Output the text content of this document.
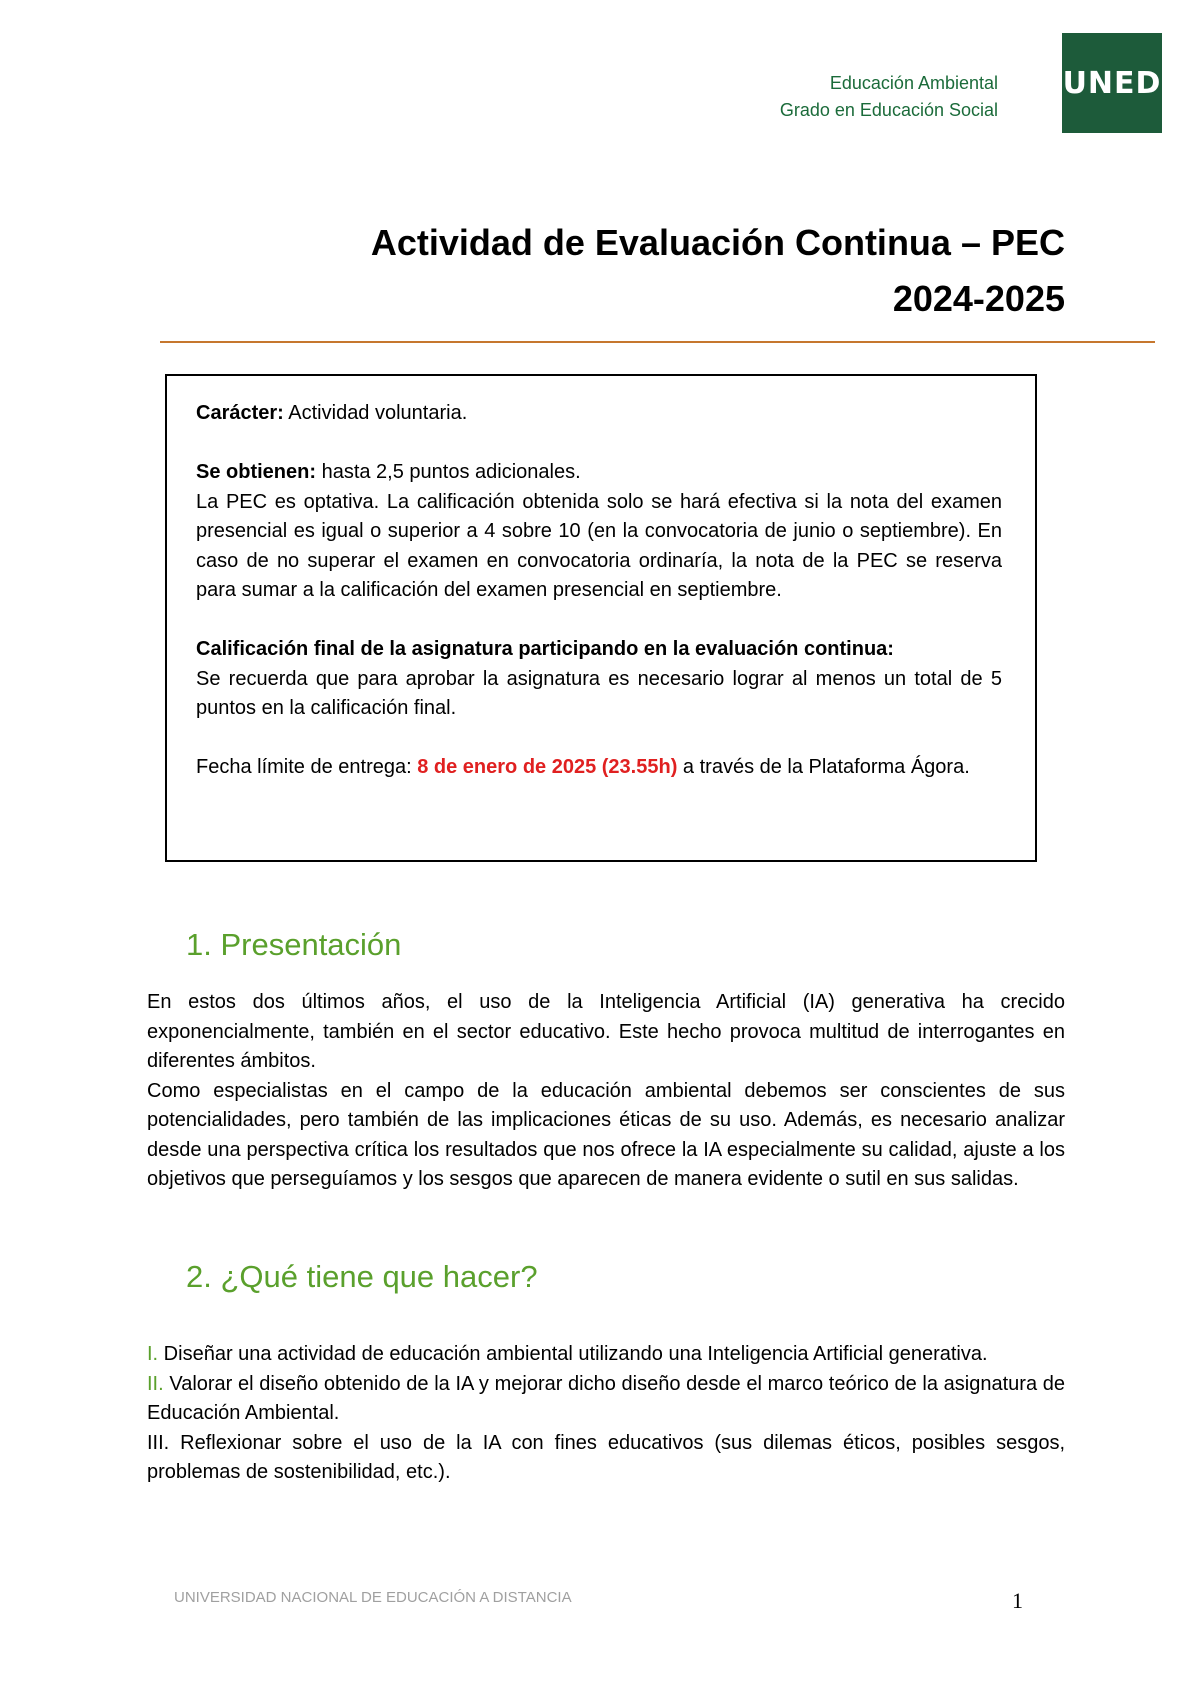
Educación Ambiental
Grado en Educación Social
UNED
Actividad de Evaluación Continua – PEC
2024-2025

Carácter: Actividad voluntaria.

Se obtienen: hasta 2,5 puntos adicionales.

La PEC es optativa. La calificación obtenida solo se hará efectiva si la nota del examen presencial es igual o superior a 4 sobre 10 (en la convocatoria de junio o septiembre). En caso de no superar el examen en convocatoria ordinaría, la nota de la PEC se reserva para sumar a la calificación del examen presencial en septiembre.

Calificación final de la asignatura participando en la evaluación continua:

Se recuerda que para aprobar la asignatura es necesario lograr al menos un total de 5 puntos en la calificación final.

Fecha límite de entrega: 8 de enero de 2025 (23.55h) a través de la Plataforma Ágora.

1. Presentación

En estos dos últimos años, el uso de la Inteligencia Artificial (IA) generativa ha crecido exponencialmente, también en el sector educativo. Este hecho provoca multitud de interrogantes en diferentes ámbitos.

Como especialistas en el campo de la educación ambiental debemos ser conscientes de sus potencialidades, pero también de las implicaciones éticas de su uso. Además, es necesario analizar desde una perspectiva crítica los resultados que nos ofrece la IA especialmente su calidad, ajuste a los objetivos que perseguíamos y los sesgos que aparecen de manera evidente o sutil en sus salidas.

2. ¿Qué tiene que hacer?

I. Diseñar una actividad de educación ambiental utilizando una Inteligencia Artificial generativa.

II. Valorar el diseño obtenido de la IA y mejorar dicho diseño desde el marco teórico de la asignatura de Educación Ambiental.

III. Reflexionar sobre el uso de la IA con fines educativos (sus dilemas éticos, posibles sesgos, problemas de sostenibilidad, etc.).

UNIVERSIDAD NACIONAL DE EDUCACIÓN A DISTANCIA	1
